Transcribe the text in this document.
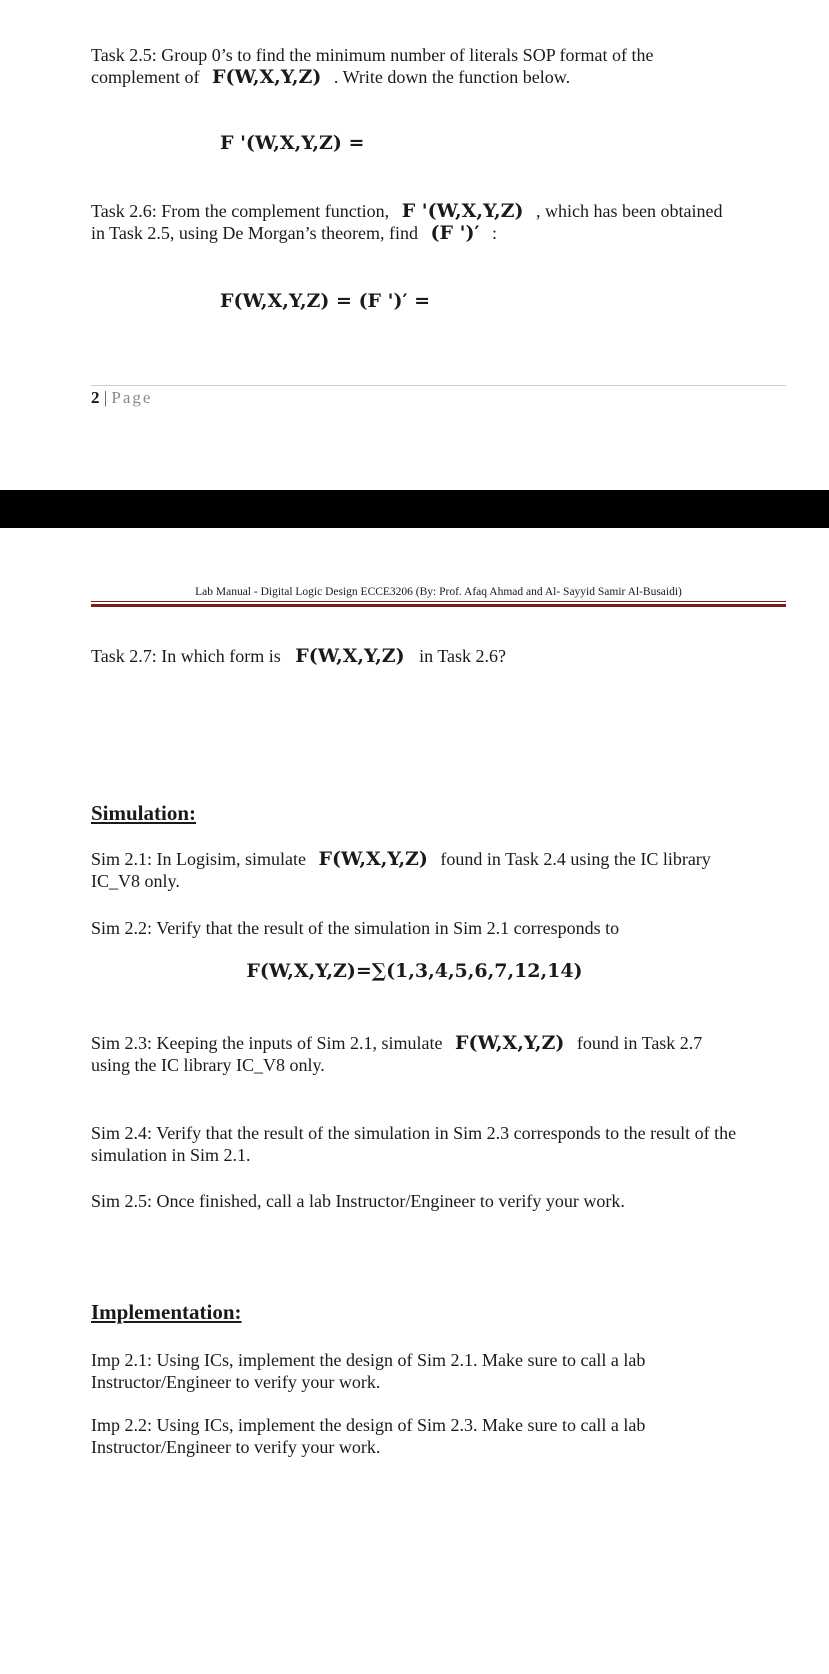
Task 2.5: Group 0’s to find the minimum number of literals SOP format of the
complement of F(W,X,Y,Z) . Write down the function below.
F '(W,X,Y,Z) =
Task 2.6: From the complement function, F '(W,X,Y,Z) , which has been obtained
in Task 2.5, using De Morgan’s theorem, find (F ')′ :
F(W,X,Y,Z) = (F ')′ =
2 | Page
Lab Manual - Digital Logic Design ECCE3206 (By: Prof. Afaq Ahmad and Al- Sayyid Samir Al-Busaidi)
Task 2.7: In which form is F(W,X,Y,Z) in Task 2.6?
Simulation:
Sim 2.1: In Logisim, simulate F(W,X,Y,Z) found in Task 2.4 using the IC library
IC_V8 only.
Sim 2.2: Verify that the result of the simulation in Sim 2.1 corresponds to
F(W,X,Y,Z)=∑(1,3,4,5,6,7,12,14)
Sim 2.3: Keeping the inputs of Sim 2.1, simulate F(W,X,Y,Z) found in Task 2.7
using the IC library IC_V8 only.
Sim 2.4: Verify that the result of the simulation in Sim 2.3 corresponds to the result of the
simulation in Sim 2.1.
Sim 2.5: Once finished, call a lab Instructor/Engineer to verify your work.
Implementation:
Imp 2.1: Using ICs, implement the design of Sim 2.1. Make sure to call a lab
Instructor/Engineer to verify your work.
Imp 2.2: Using ICs, implement the design of Sim 2.3. Make sure to call a lab
Instructor/Engineer to verify your work.
